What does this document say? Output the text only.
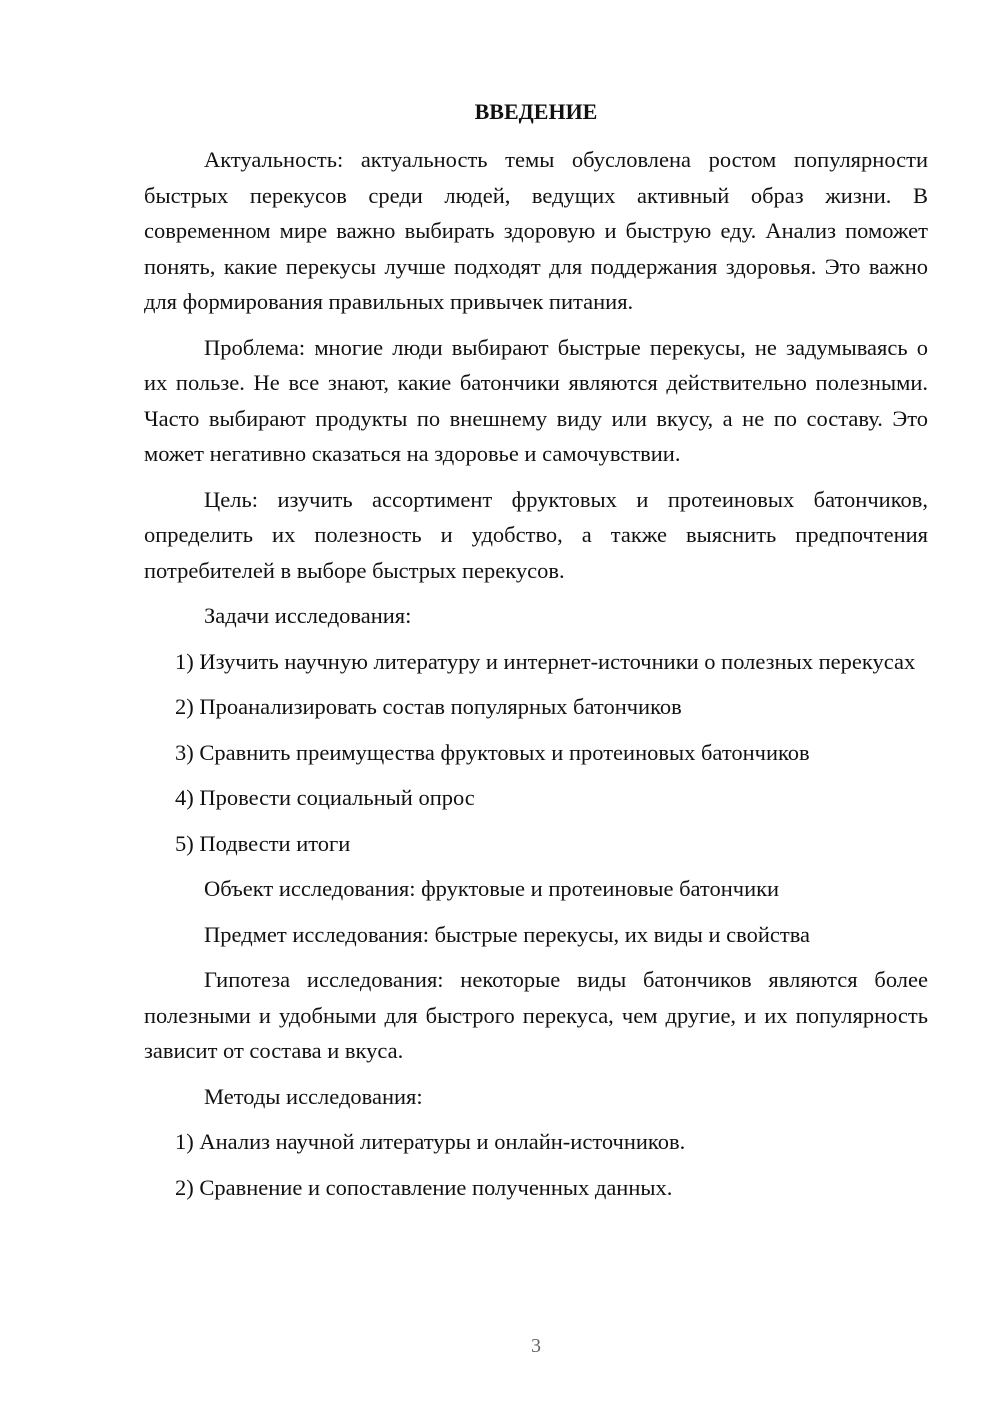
ВВЕДЕНИЕ

Актуальность: актуальность темы обусловлена ростом популярности быстрых перекусов среди людей, ведущих активный образ жизни. В современном мире важно выбирать здоровую и быструю еду. Анализ поможет понять, какие перекусы лучше подходят для поддержания здоровья. Это важно для формирования правильных привычек питания.

Проблема: многие люди выбирают быстрые перекусы, не задумываясь о их пользе. Не все знают, какие батончики являются действительно полезными. Часто выбирают продукты по внешнему виду или вкусу, а не по составу. Это может негативно сказаться на здоровье и самочувствии.

Цель: изучить ассортимент фруктовых и протеиновых батончиков, определить их полезность и удобство, а также выяснить предпочтения потребителей в выборе быстрых перекусов.

Задачи исследования:

1) Изучить научную литературу и интернет-источники о полезных перекусах

2) Проанализировать состав популярных батончиков

3) Сравнить преимущества фруктовых и протеиновых батончиков

4) Провести социальный опрос

5) Подвести итоги

Объект исследования: фруктовые и протеиновые батончики

Предмет исследования: быстрые перекусы, их виды и свойства

Гипотеза исследования: некоторые виды батончиков являются более полезными и удобными для быстрого перекуса, чем другие, и их популярность зависит от состава и вкуса.

Методы исследования:

1) Анализ научной литературы и онлайн-источников.

2) Сравнение и сопоставление полученных данных.

3
